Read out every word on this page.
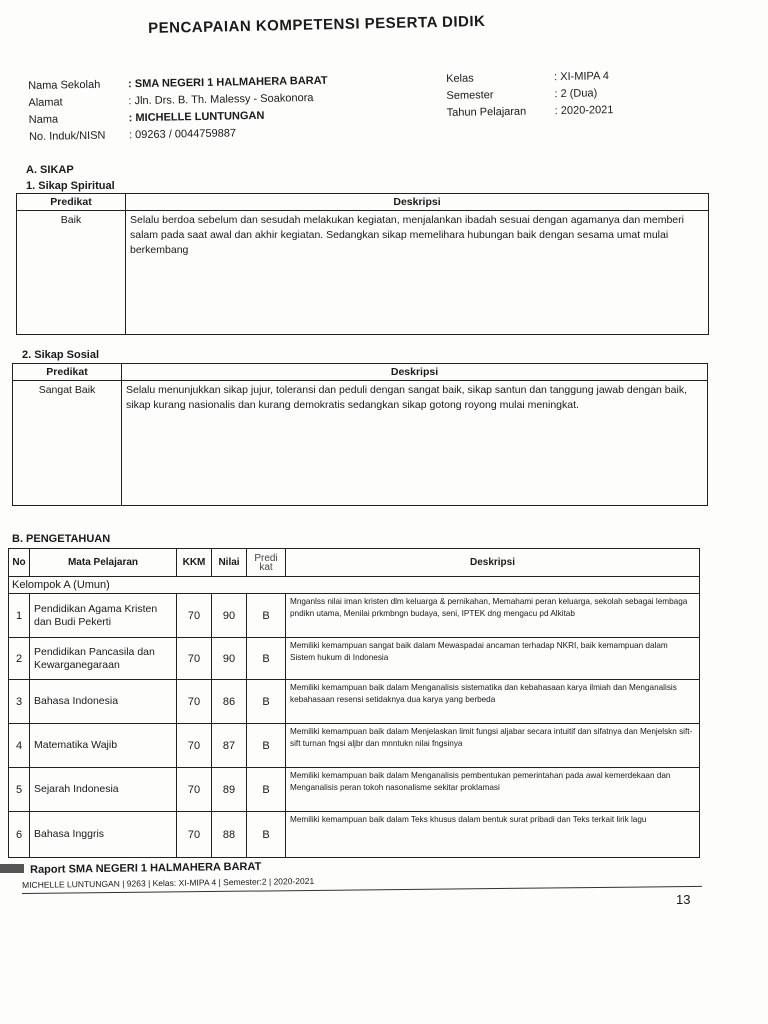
PENCAPAIAN KOMPETENSI PESERTA DIDIK
Nama Sekolah	: SMA NEGERI 1 HALMAHERA BARAT
Alamat	: Jln. Drs. B. Th. Malessy - Soakonora
Nama	: MICHELLE LUNTUNGAN
No. Induk/NISN : 09263 / 0044759887
Kelas	: XI-MIPA 4
Semester	: 2 (Dua)
Tahun Pelajaran	: 2020-2021
A. SIKAP
1. Sikap Spiritual
Predikat	Deskripsi
Baik	Selalu berdoa sebelum dan sesudah melakukan kegiatan, menjalankan ibadah sesuai dengan agamanya dan memberi salam pada saat awal dan akhir kegiatan. Sedangkan sikap memelihara hubungan baik dengan sesama umat mulai berkembang
2. Sikap Sosial
Predikat	Deskripsi
Sangat Baik	Selalu menunjukkan sikap jujur, toleransi dan peduli dengan sangat baik, sikap santun dan tanggung jawab dengan baik, sikap kurang nasionalis dan kurang demokratis sedangkan sikap gotong royong mulai meningkat.
B. PENGETAHUAN
No	Mata Pelajaran	KKM	Nilai	Predi kat	Deskripsi
Kelompok A (Umun)					
1	Pendidikan Agama Kristen dan Budi Pekerti	70	90	B	Mnganlss nilai iman kristen dlm keluarga & pernikahan, Memahami peran keluarga, sekolah sebagai lembaga pndikn utama, Menilai prkmbngn budaya, seni, IPTEK dng mengacu pd Alkitab
2	Pendidikan Pancasila dan Kewarganegaraan	70	90	B	Memiliki kemampuan sangat baik dalam Mewaspadai ancaman terhadap NKRI, baik kemampuan dalam Sistem hukum di Indonesia
3	Bahasa Indonesia	70	86	B	Memiliki kemampuan baik dalam Menganalisis sistematika dan kebahasaan karya ilmiah dan Menganalisis kebahasaan resensi setidaknya dua karya yang berbeda
4	Matematika Wajib	70	87	B	Memiliki kemampuan baik dalam Menjelaskan limit fungsi aljabar secara intuitif dan sifatnya dan Menjelskn sift-sift turnan fngsi aljbr dan mnntukn nilai fngsinya
5	Sejarah Indonesia	70	89	B	Memiliki kemampuan baik dalam Menganalisis pembentukan pemerintahan pada awal kemerdekaan dan Menganalisis peran tokoh nasonalisme sekitar proklamasi
6	Bahasa Inggris	70	88	B	Memiliki kemampuan baik dalam Teks khusus dalam bentuk surat pribadi dan Teks terkait lirik lagu
Raport SMA NEGERI 1 HALMAHERA BARAT
MICHELLE LUNTUNGAN | 9263 | Kelas: XI-MIPA 4 | Semester:2 | 2020-2021
13
